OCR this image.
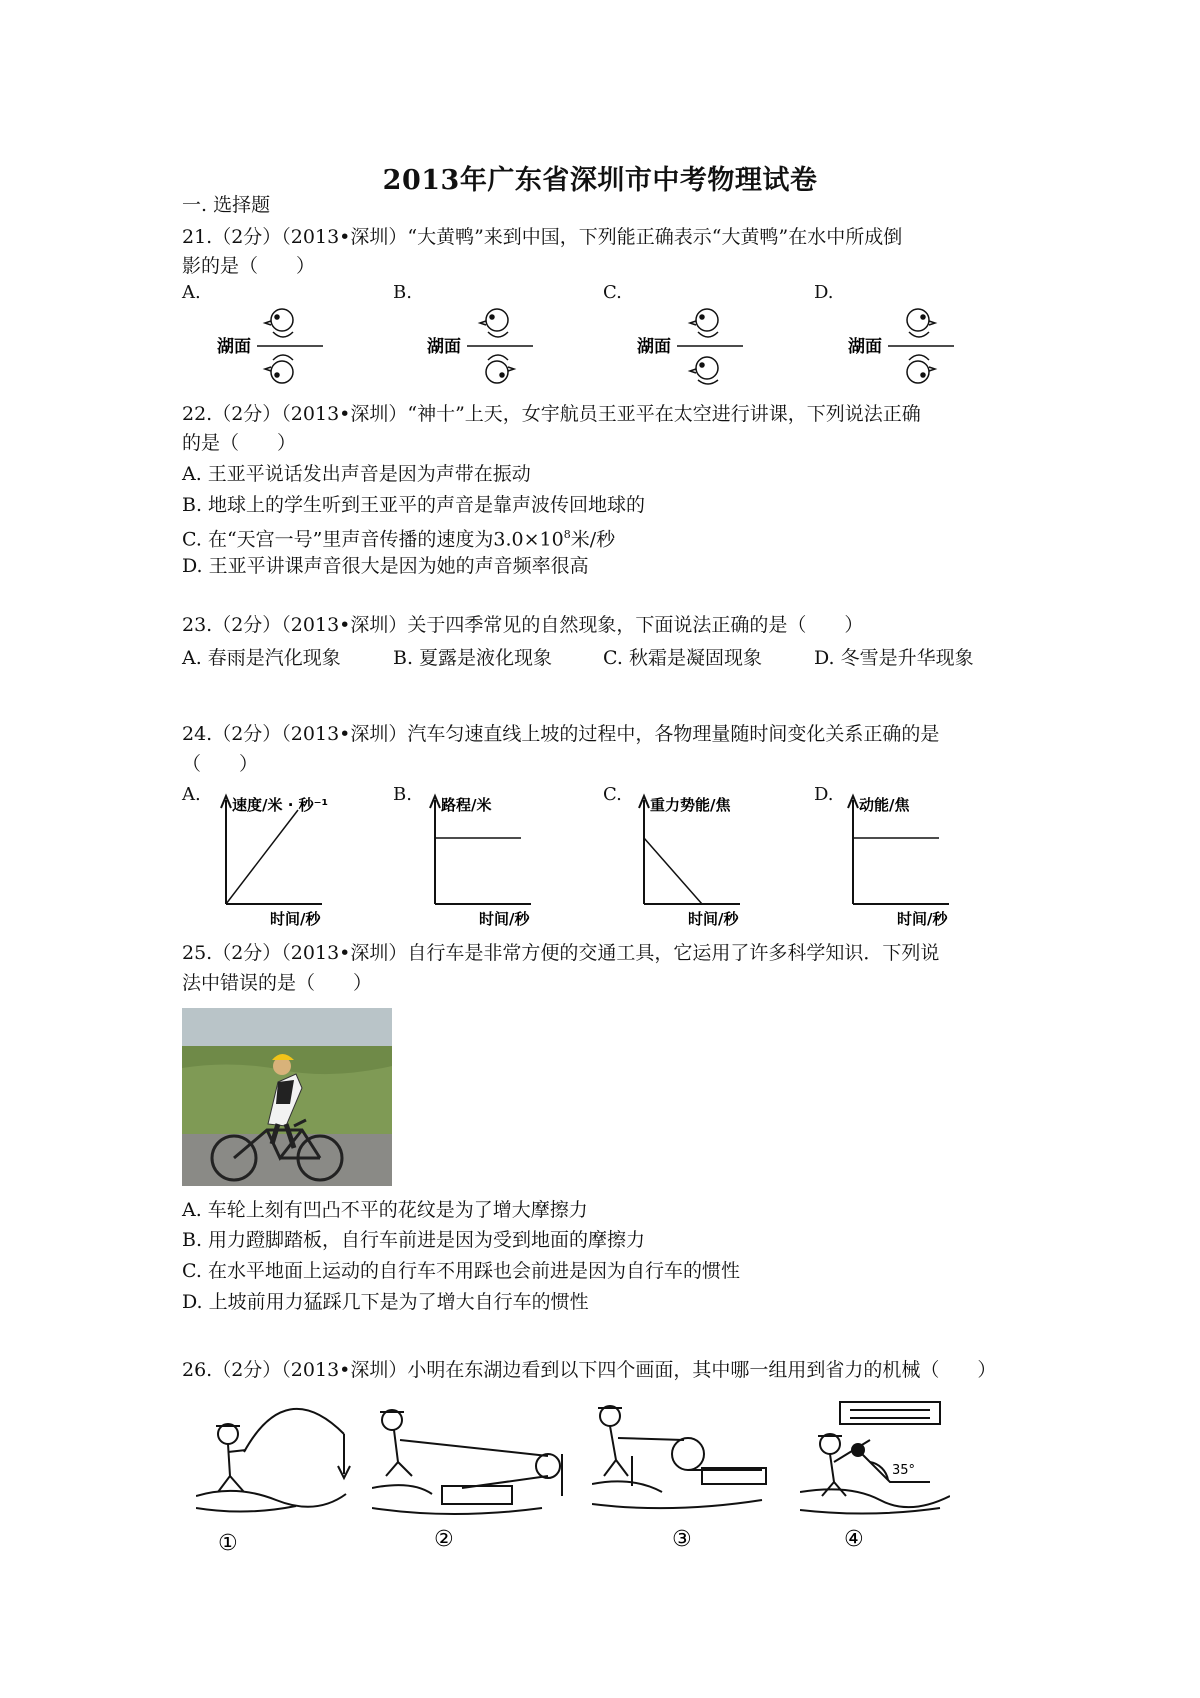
2013年广东省深圳市中考物理试卷
一. 选择题
21.（2分）（2013•深圳）“大黄鸭”来到中国，下列能正确表示“大黄鸭”在水中所成倒
影的是（　　）
A.	B.	C.	D.
湖面	湖面	湖面	湖面
22.（2分）（2013•深圳）“神十”上天，女宇航员王亚平在太空进行讲课，下列说法正确
的是（　　）
A. 王亚平说话发出声音是因为声带在振动
B. 地球上的学生听到王亚平的声音是靠声波传回地球的
C. 在“天宫一号”里声音传播的速度为$3.0\times 10^8$米/秒
D. 王亚平讲课声音很大是因为她的声音频率很高
23.（2分）（2013•深圳）关于四季常见的自然现象，下面说法正确的是（　　）
A. 春雨是汽化现象	B. 夏露是液化现象	C. 秋霜是凝固现象	D. 冬雪是升华现象
24.（2分）（2013•深圳）汽车匀速直线上坡的过程中，各物理量随时间变化关系正确的是
（　　）
A.	B.	C.	D.
速度/米 · 秒⁻¹
时间/秒
路程/米
时间/秒
重力势能/焦
时间/秒
动能/焦
时间/秒
25.（2分）（2013•深圳）自行车是非常方便的交通工具，它运用了许多科学知识．下列说
法中错误的是（　　）
A. 车轮上刻有凹凸不平的花纹是为了增大摩擦力
B. 用力蹬脚踏板，自行车前进是因为受到地面的摩擦力
C. 在水平地面上运动的自行车不用踩也会前进是因为自行车的惯性
D. 上坡前用力猛踩几下是为了增大自行车的惯性
26.（2分）（2013•深圳）小明在东湖边看到以下四个画面，其中哪一组用到省力的机械（　　）
①	②	③
35°
④
